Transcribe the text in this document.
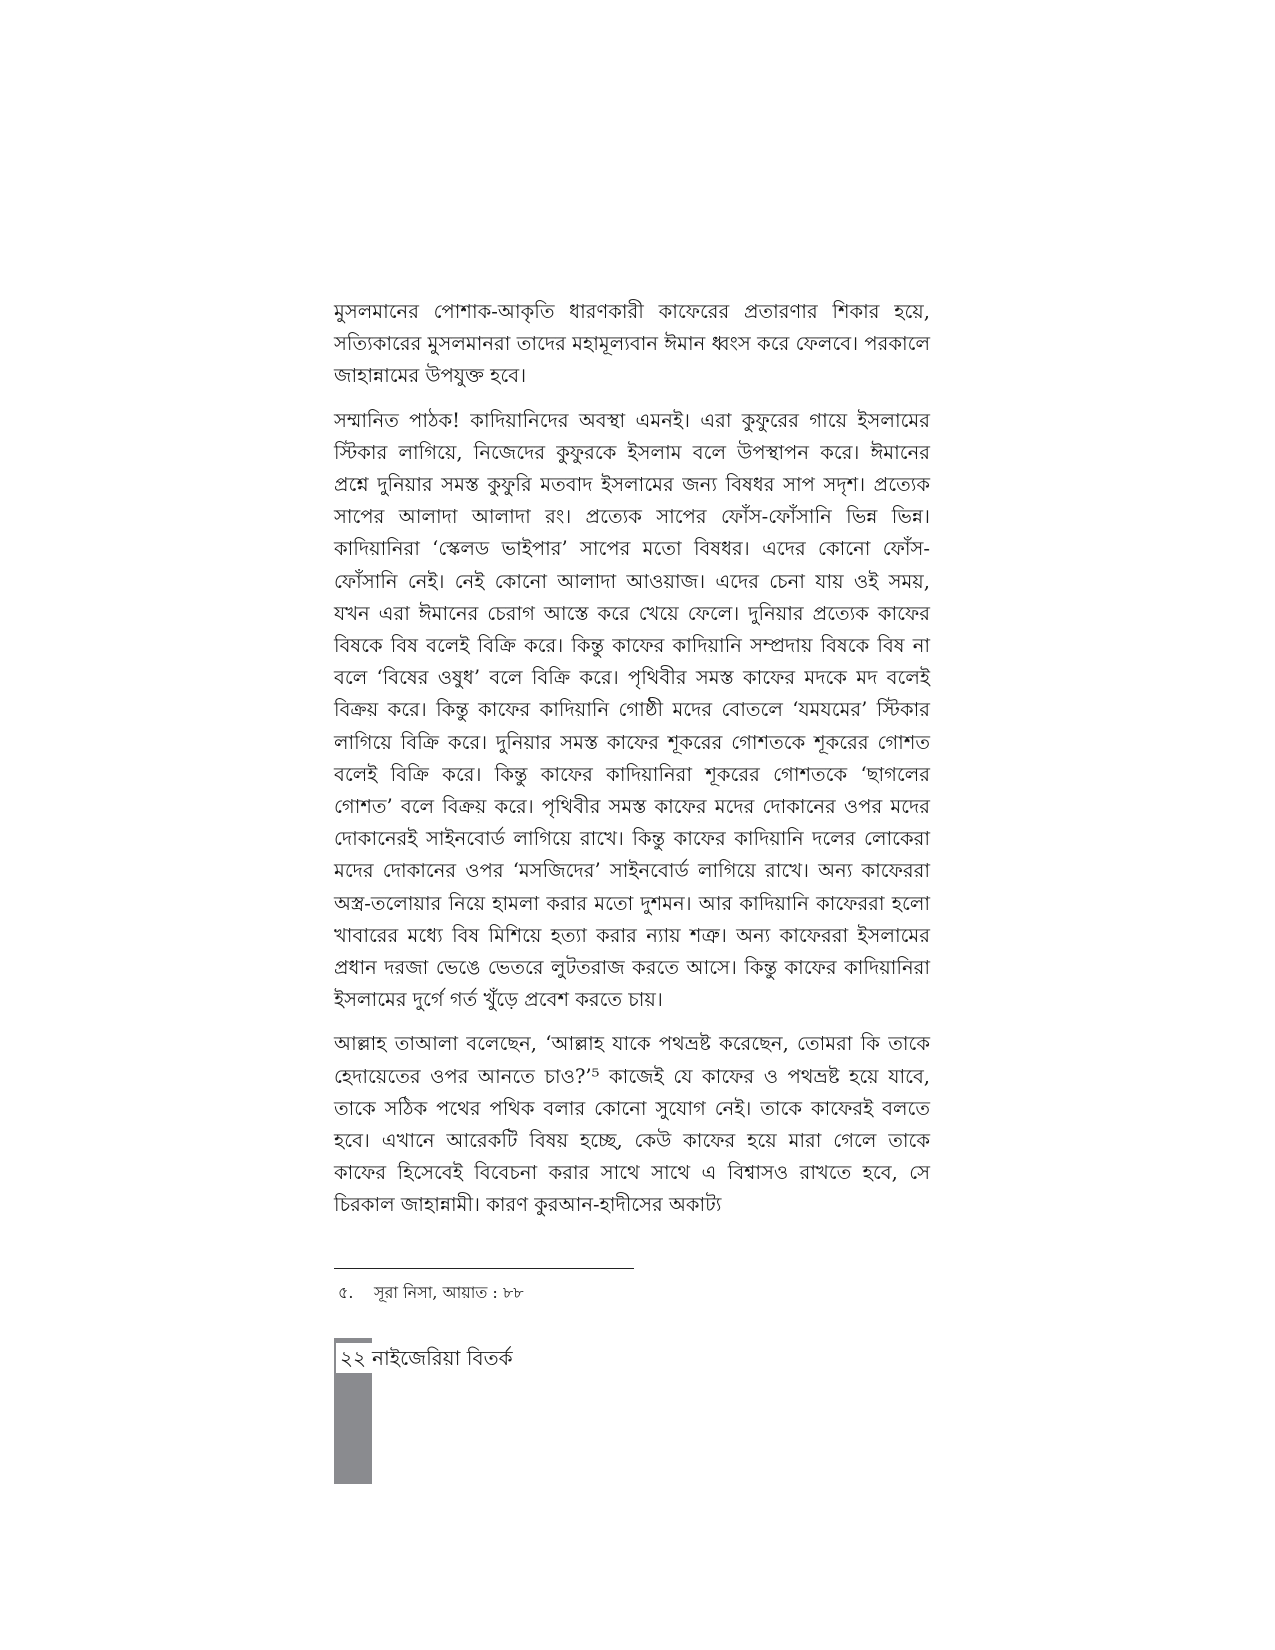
মুসলমানের পোশাক-আকৃতি ধারণকারী কাফেরের প্রতারণার শিকার হয়ে, সত্যিকারের মুসলমানরা তাদের মহামূল্যবান ঈমান ধ্বংস করে ফেলবে। পরকালে জাহান্নামের উপযুক্ত হবে।

সম্মানিত পাঠক! কাদিয়ানিদের অবস্থা এমনই। এরা কুফুরের গায়ে ইসলামের স্টিকার লাগিয়ে, নিজেদের কুফুরকে ইসলাম বলে উপস্থাপন করে। ঈমানের প্রশ্নে দুনিয়ার সমস্ত কুফুরি মতবাদ ইসলামের জন্য বিষধর সাপ সদৃশ। প্রত্যেক সাপের আলাদা আলাদা রং। প্রত্যেক সাপের ফোঁস-ফোঁসানি ভিন্ন ভিন্ন। কাদিয়ানিরা ‘স্কেলড ভাইপার’ সাপের মতো বিষধর। এদের কোনো ফোঁস-ফোঁসানি নেই। নেই কোনো আলাদা আওয়াজ। এদের চেনা যায় ওই সময়, যখন এরা ঈমানের চেরাগ আস্তে করে খেয়ে ফেলে। দুনিয়ার প্রত্যেক কাফের বিষকে বিষ বলেই বিক্রি করে। কিন্তু কাফের কাদিয়ানি সম্প্রদায় বিষকে বিষ না বলে ‘বিষের ওষুধ’ বলে বিক্রি করে। পৃথিবীর সমস্ত কাফের মদকে মদ বলেই বিক্রয় করে। কিন্তু কাফের কাদিয়ানি গোষ্ঠী মদের বোতলে ‘যমযমের’ স্টিকার লাগিয়ে বিক্রি করে। দুনিয়ার সমস্ত কাফের শূকরের গোশতকে শূকরের গোশত বলেই বিক্রি করে। কিন্তু কাফের কাদিয়ানিরা শূকরের গোশতকে ‘ছাগলের গোশত’ বলে বিক্রয় করে। পৃথিবীর সমস্ত কাফের মদের দোকানের ওপর মদের দোকানেরই সাইনবোর্ড লাগিয়ে রাখে। কিন্তু কাফের কাদিয়ানি দলের লোকেরা মদের দোকানের ওপর ‘মসজিদের’ সাইনবোর্ড লাগিয়ে রাখে। অন্য কাফেররা অস্ত্র-তলোয়ার নিয়ে হামলা করার মতো দুশমন। আর কাদিয়ানি কাফেররা হলো খাবারের মধ্যে বিষ মিশিয়ে হত্যা করার ন্যায় শত্রু। অন্য কাফেররা ইসলামের প্রধান দরজা ভেঙে ভেতরে লুটতরাজ করতে আসে। কিন্তু কাফের কাদিয়ানিরা ইসলামের দুর্গে গর্ত খুঁড়ে প্রবেশ করতে চায়।

আল্লাহ তাআলা বলেছেন, ‘আল্লাহ যাকে পথভ্রষ্ট করেছেন, তোমরা কি তাকে হেদায়েতের ওপর আনতে চাও?’⁵ কাজেই যে কাফের ও পথভ্রষ্ট হয়ে যাবে, তাকে সঠিক পথের পথিক বলার কোনো সুযোগ নেই। তাকে কাফেরই বলতে হবে। এখানে আরেকটি বিষয় হচ্ছে, কেউ কাফের হয়ে মারা গেলে তাকে কাফের হিসেবেই বিবেচনা করার সাথে সাথে এ বিশ্বাসও রাখতে হবে, সে চিরকাল জাহান্নামী। কারণ কুরআন-হাদীসের অকাট্য

৫. সূরা নিসা, আয়াত : ৮৮
২২ নাইজেরিয়া বিতর্ক
